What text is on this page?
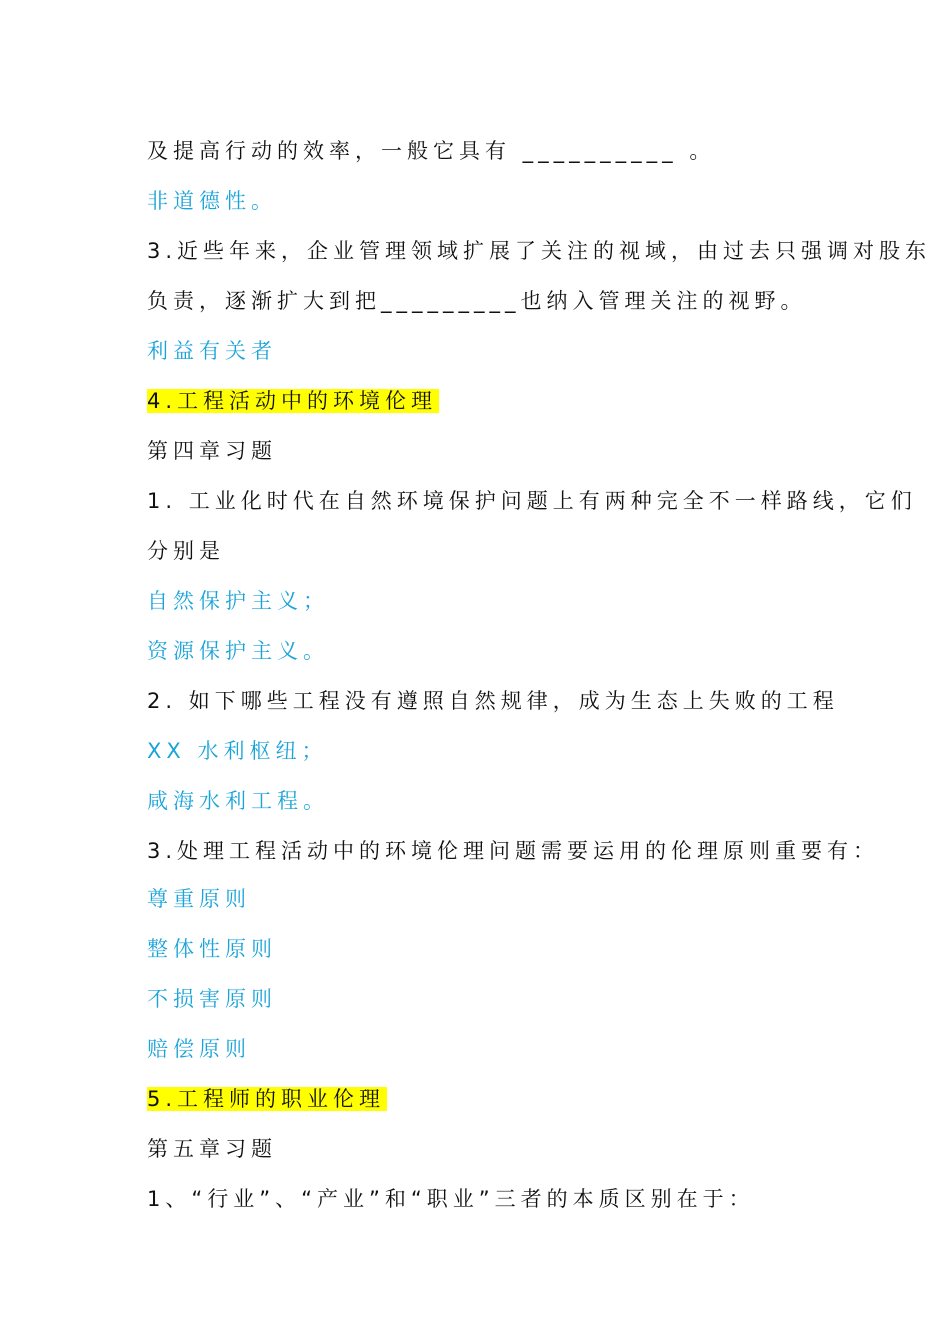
及提高行动的效率，一般它具有 __________ 。
非道德性。
3.近些年来，企业管理领域扩展了关注的视域，由过去只强调对股东
负责，逐渐扩大到把_________也纳入管理关注的视野。
利益有关者
4.工程活动中的环境伦理
第四章习题
1. 工业化时代在自然环境保护问题上有两种完全不一样路线，它们
分别是
自然保护主义；
资源保护主义。
2. 如下哪些工程没有遵照自然规律，成为生态上失败的工程
XX 水利枢纽；
咸海水利工程。
3.处理工程活动中的环境伦理问题需要运用的伦理原则重要有：
尊重原则
整体性原则
不损害原则
赔偿原则
5.工程师的职业伦理
第五章习题
1、“行业”、“产业”和“职业”三者的本质区别在于：
